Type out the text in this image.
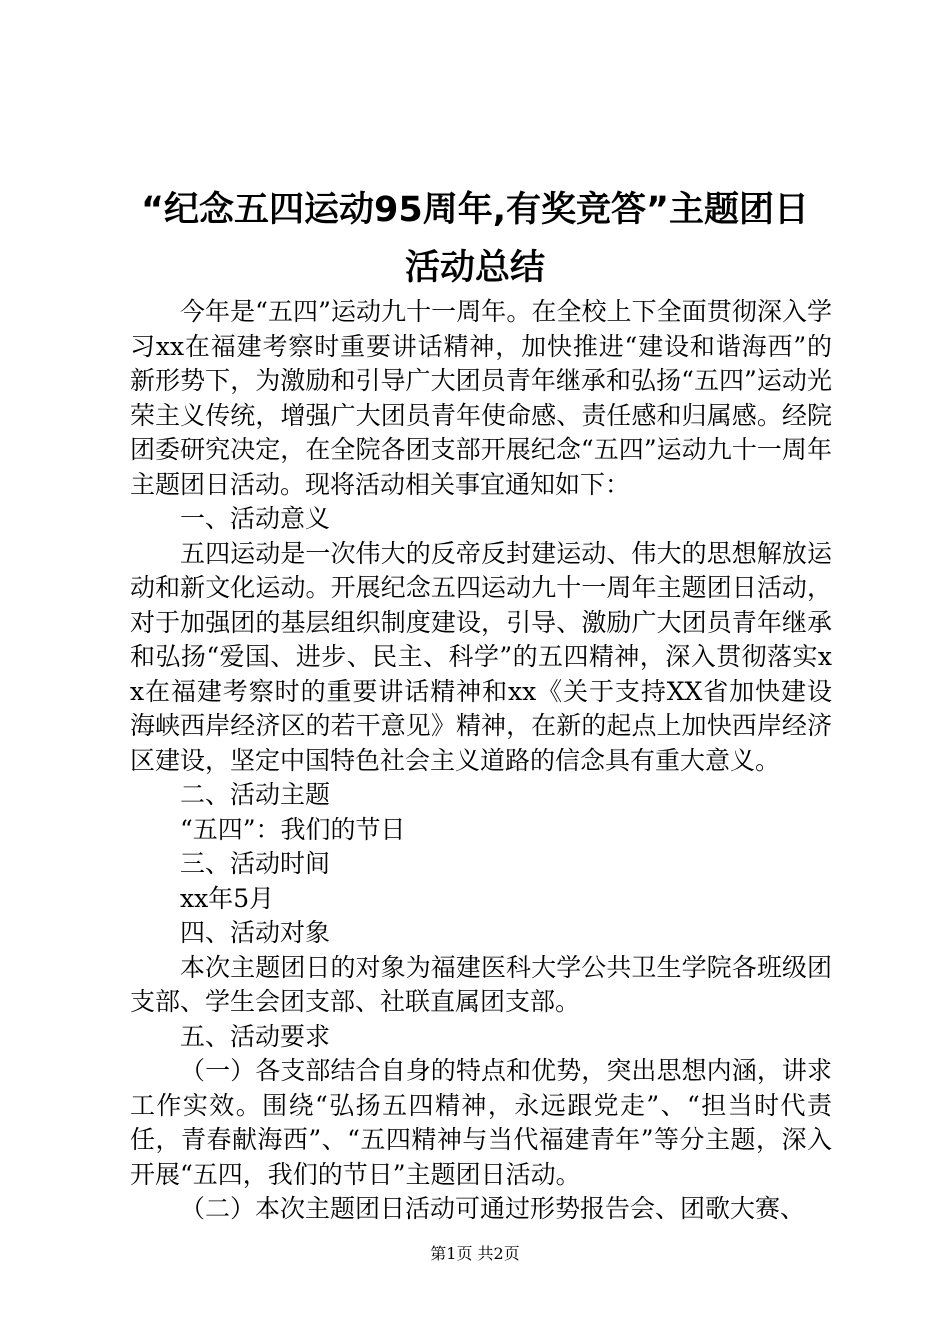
“纪念五四运动95周年,有奖竞答”主题团日
活动总结

今年是“五四”运动九十一周年。在全校上下全面贯彻深入学习xx在福建考察时重要讲话精神，加快推进“建设和谐海西”的新形势下，为激励和引导广大团员青年继承和弘扬“五四”运动光荣主义传统，增强广大团员青年使命感、责任感和归属感。经院团委研究决定，在全院各团支部开展纪念“五四”运动九十一周年主题团日活动。现将活动相关事宜通知如下：

一、活动意义

五四运动是一次伟大的反帝反封建运动、伟大的思想解放运动和新文化运动。开展纪念五四运动九十一周年主题团日活动，对于加强团的基层组织制度建设，引导、激励广大团员青年继承和弘扬“爱国、进步、民主、科学”的五四精神，深入贯彻落实xx在福建考察时的重要讲话精神和xx《关于支持XX省加快建设海峡西岸经济区的若干意见》精神，在新的起点上加快西岸经济区建设，坚定中国特色社会主义道路的信念具有重大意义。

二、活动主题

“五四”：我们的节日

三、活动时间

xx年5月

四、活动对象

本次主题团日的对象为福建医科大学公共卫生学院各班级团支部、学生会团支部、社联直属团支部。

五、活动要求

（一）各支部结合自身的特点和优势，突出思想内涵，讲求工作实效。围绕“弘扬五四精神，永远跟党走”、“担当时代责任，青春献海西”、“五四精神与当代福建青年”等分主题，深入开展“五四，我们的节日”主题团日活动。

（二）本次主题团日活动可通过形势报告会、团歌大赛、

第1页 共2页
